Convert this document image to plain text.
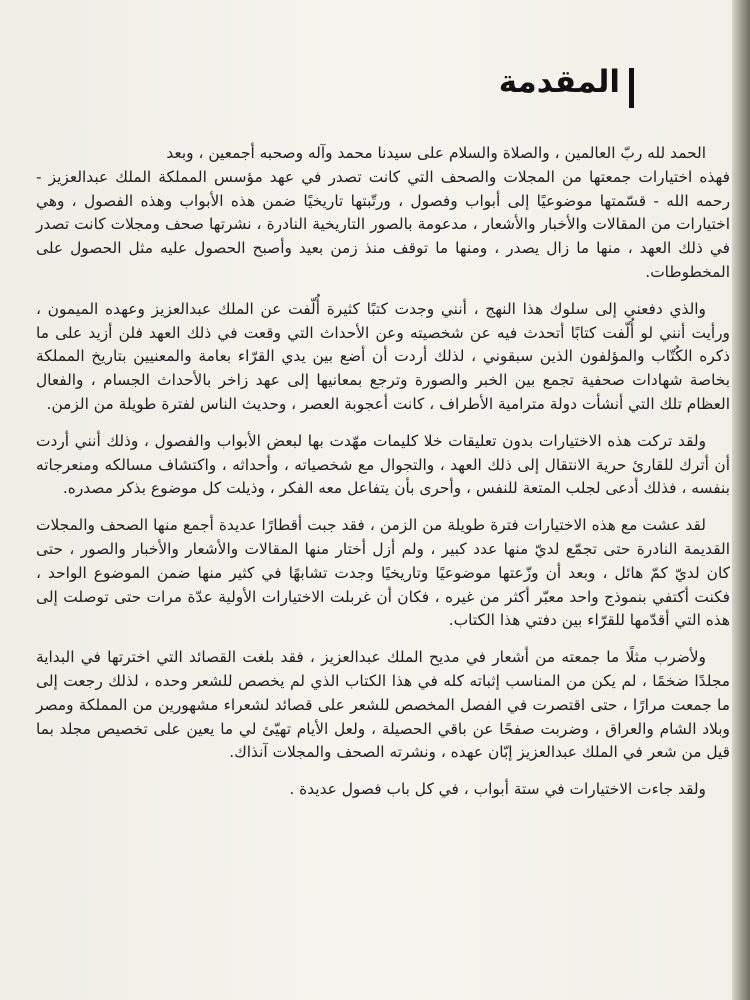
المقدمة

الحمد لله ربّ العالمين ، والصلاة والسلام على سيدنا محمد وآله وصحبه أجمعين ، وبعد

فهذه اختيارات جمعتها من المجلات والصحف التي كانت تصدر في عهد مؤسس المملكة الملك عبدالعزيز - رحمه الله - قسّمتها موضوعيًا إلى أبواب وفصول ، ورتّبتها تاريخيًا ضمن هذه الأبواب وهذه الفصول ، وهي اختيارات من المقالات والأخبار والأشعار ، مدعومة بالصور التاريخية النادرة ، نشرتها صحف ومجلات كانت تصدر في ذلك العهد ، منها ما زال يصدر ، ومنها ما توقف منذ زمن بعيد وأصبح الحصول عليه مثل الحصول على المخطوطات.

والذي دفعني إلى سلوك هذا النهج ، أنني وجدت كتبًا كثيرة أُلّفت عن الملك عبدالعزيز وعهده الميمون ، ورأيت أنني لو أُلّفت كتابًا أتحدث فيه عن شخصيته وعن الأحداث التي وقعت في ذلك العهد فلن أزيد على ما ذكره الكُتّاب والمؤلفون الذين سبقوني ، لذلك أردت أن أضع بين يدي القرّاء بعامة والمعنيين بتاريخ المملكة بخاصة شهادات صحفية تجمع بين الخبر والصورة وترجع بمعانيها إلى عهد زاخر بالأحداث الجسام ، والفعال العظام تلك التي أنشأت دولة مترامية الأطراف ، كانت أعجوبة العصر ، وحديث الناس لفترة طويلة من الزمن.

ولقد تركت هذه الاختيارات بدون تعليقات خلا كليمات مهّدت بها لبعض الأبواب والفصول ، وذلك أنني أردت أن أترك للقارئ حرية الانتقال إلى ذلك العهد ، والتجوال مع شخصياته ، وأحداثه ، واكتشاف مسالكه ومنعرجاته بنفسه ، فذلك أدعى لجلب المتعة للنفس ، وأحرى بأن يتفاعل معه الفكر ، وذيلت كل موضوع بذكر مصدره.

لقد عشت مع هذه الاختيارات فترة طويلة من الزمن ، فقد جبت أقطارًا عديدة أجمع منها الصحف والمجلات القديمة النادرة حتى تجمّع لديّ منها عدد كبير ، ولم أزل أختار منها المقالات والأشعار والأخبار والصور ، حتى كان لديّ كمّ هائل ، وبعد أن وزّعتها موضوعيًا وتاريخيًا وجدت تشابهًا في كثير منها ضمن الموضوع الواحد ، فكنت أكتفي بنموذج واحد معبّر أكثر من غيره ، فكان أن غربلت الاختيارات الأولية عدّة مرات حتى توصلت إلى هذه التي أقدّمها للقرّاء بين دفتي هذا الكتاب.

ولأضرب مثلًا ما جمعته من أشعار في مديح الملك عبدالعزيز ، فقد بلغت القصائد التي اخترتها في البداية مجلدًا ضخمًا ، لم يكن من المناسب إثباته كله في هذا الكتاب الذي لم يخصص للشعر وحده ، لذلك رجعت إلى ما جمعت مرارًا ، حتى اقتصرت في الفصل المخصص للشعر على قصائد لشعراء مشهورين من المملكة ومصر وبلاد الشام والعراق ، وضربت صفحًا عن باقي الحصيلة ، ولعل الأيام تهيّئ لي ما يعين على تخصيص مجلد بما قيل من شعر في الملك عبدالعزيز إبّان عهده ، ونشرته الصحف والمجلات آنذاك.

ولقد جاءت الاختيارات في ستة أبواب ، في كل باب فصول عديدة .
